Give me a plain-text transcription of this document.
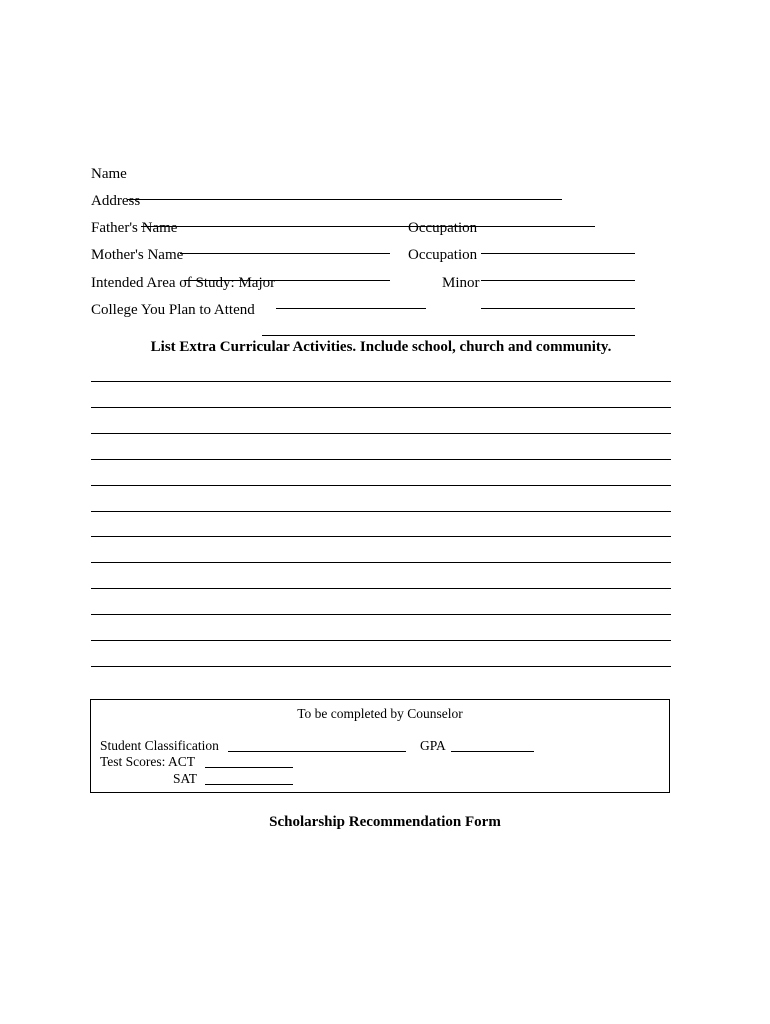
Name
Address
Father's Name	Occupation
Mother's Name	Occupation
Intended Area of Study: Major	Minor
College You Plan to Attend
List Extra Curricular Activities. Include school, church and community.
To be completed by Counselor
Student Classification	GPA
Test Scores: ACT
SAT
Scholarship Recommendation Form
